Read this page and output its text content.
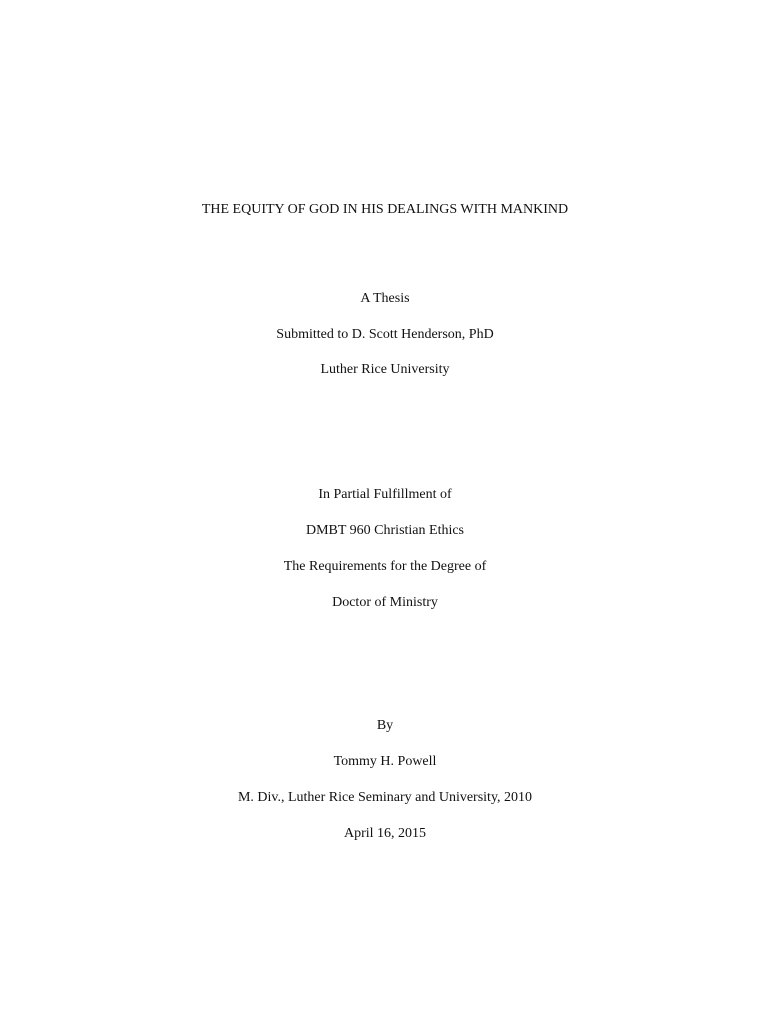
THE EQUITY OF GOD IN HIS DEALINGS WITH MANKIND
A Thesis
Submitted to D. Scott Henderson, PhD
Luther Rice University
In Partial Fulfillment of
DMBT 960 Christian Ethics
The Requirements for the Degree of
Doctor of Ministry
By
Tommy H. Powell
M. Div., Luther Rice Seminary and University, 2010
April 16, 2015
